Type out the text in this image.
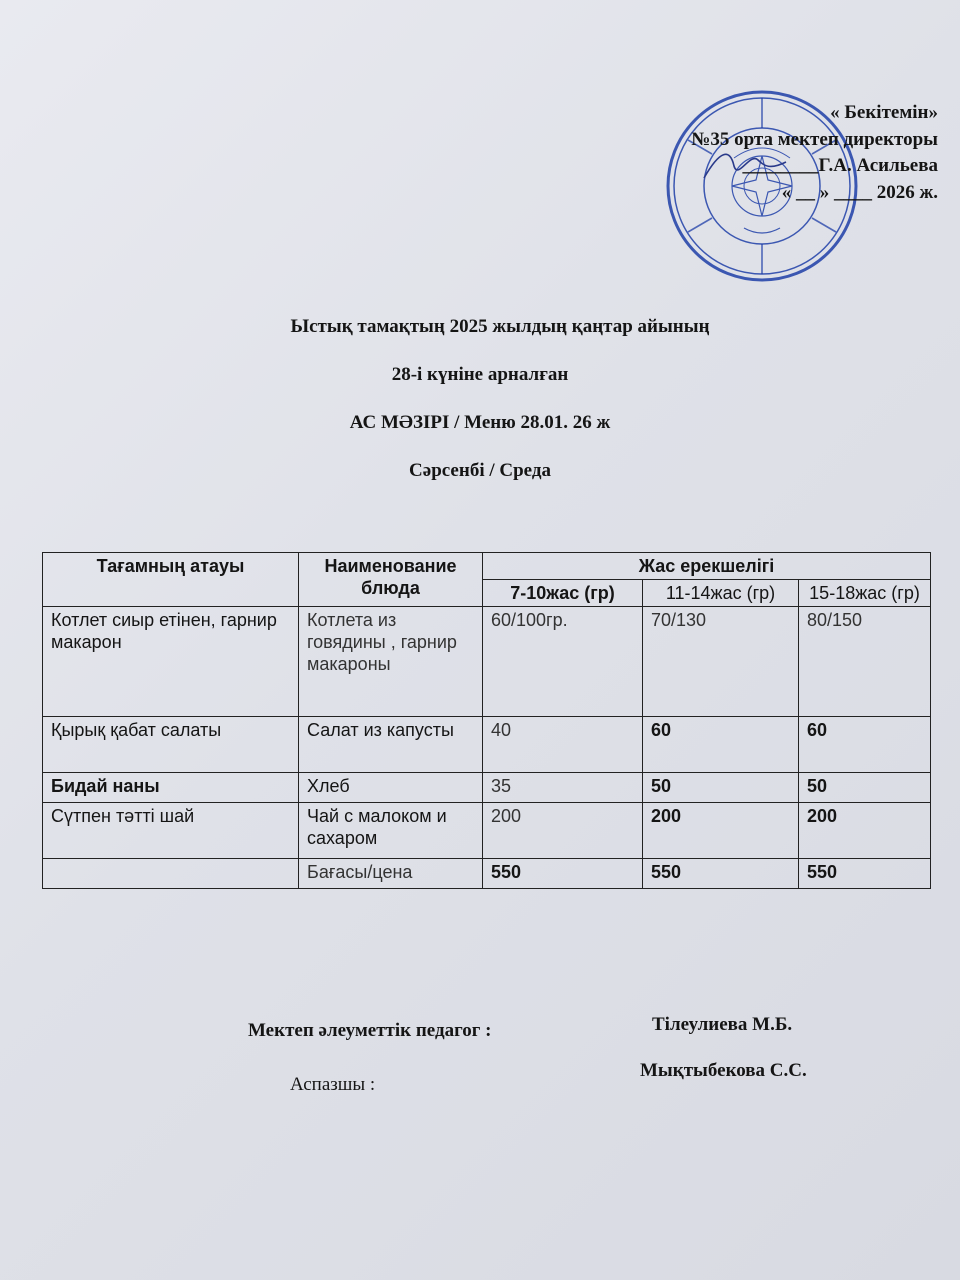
« Бекітемін»
№35 орта мектеп директоры
________Г.А. Асильева
« __ » ____ 2026 ж.
Ыстық тамақтың 2025 жылдың қаңтар айының
28-і күніне арналған
АС МӘЗІРІ / Меню 28.01. 26 ж
Сәрсенбі / Среда
Тағамның атауы	Наименование блюда	Жас ерекшелігі		
		7-10жас (гр)	11-14жас (гр)	15-18жас (гр)
Котлет сиыр етінен, гарнир макарон	Котлета из говядины , гарнир макароны	60/100гр.	70/130	80/150
Қырық қабат салаты	Салат из капусты	40	60	60
Бидай наны	Хлеб	35	50	50
Сүтпен тәтті шай	Чай с малоком и сахаром	200	200	200
	Бағасы/цена	550	550	550
Мектеп әлеуметтік педагог :	Тілеулиева М.Б.
Аспазшы :
Мықтыбекова С.С.
